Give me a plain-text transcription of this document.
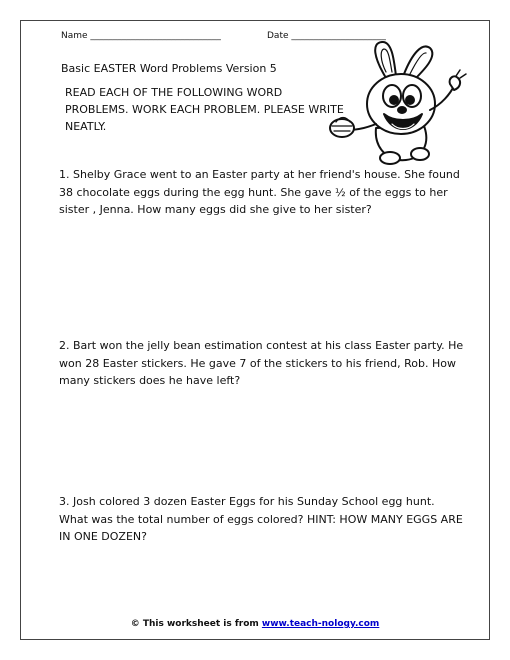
Name _____________________________	Date _____________________
Basic EASTER Word Problems Version 5
READ EACH OF THE FOLLOWING WORD PROBLEMS. WORK EACH PROBLEM. PLEASE WRITE NEATLY.
1. Shelby Grace went to an Easter party at her friend's house. She found 38 chocolate eggs during the egg hunt. She gave ½ of the eggs to her sister , Jenna. How many eggs did she give to her sister?
2. Bart won the jelly bean estimation contest at his class Easter party. He won 28 Easter stickers. He gave 7 of the stickers to his friend, Rob. How many stickers does he have left?
3. Josh colored 3 dozen Easter Eggs for his Sunday School egg hunt. What was the total number of eggs colored? HINT: HOW MANY EGGS ARE IN ONE DOZEN?
© This worksheet is from www.teach-nology.com
